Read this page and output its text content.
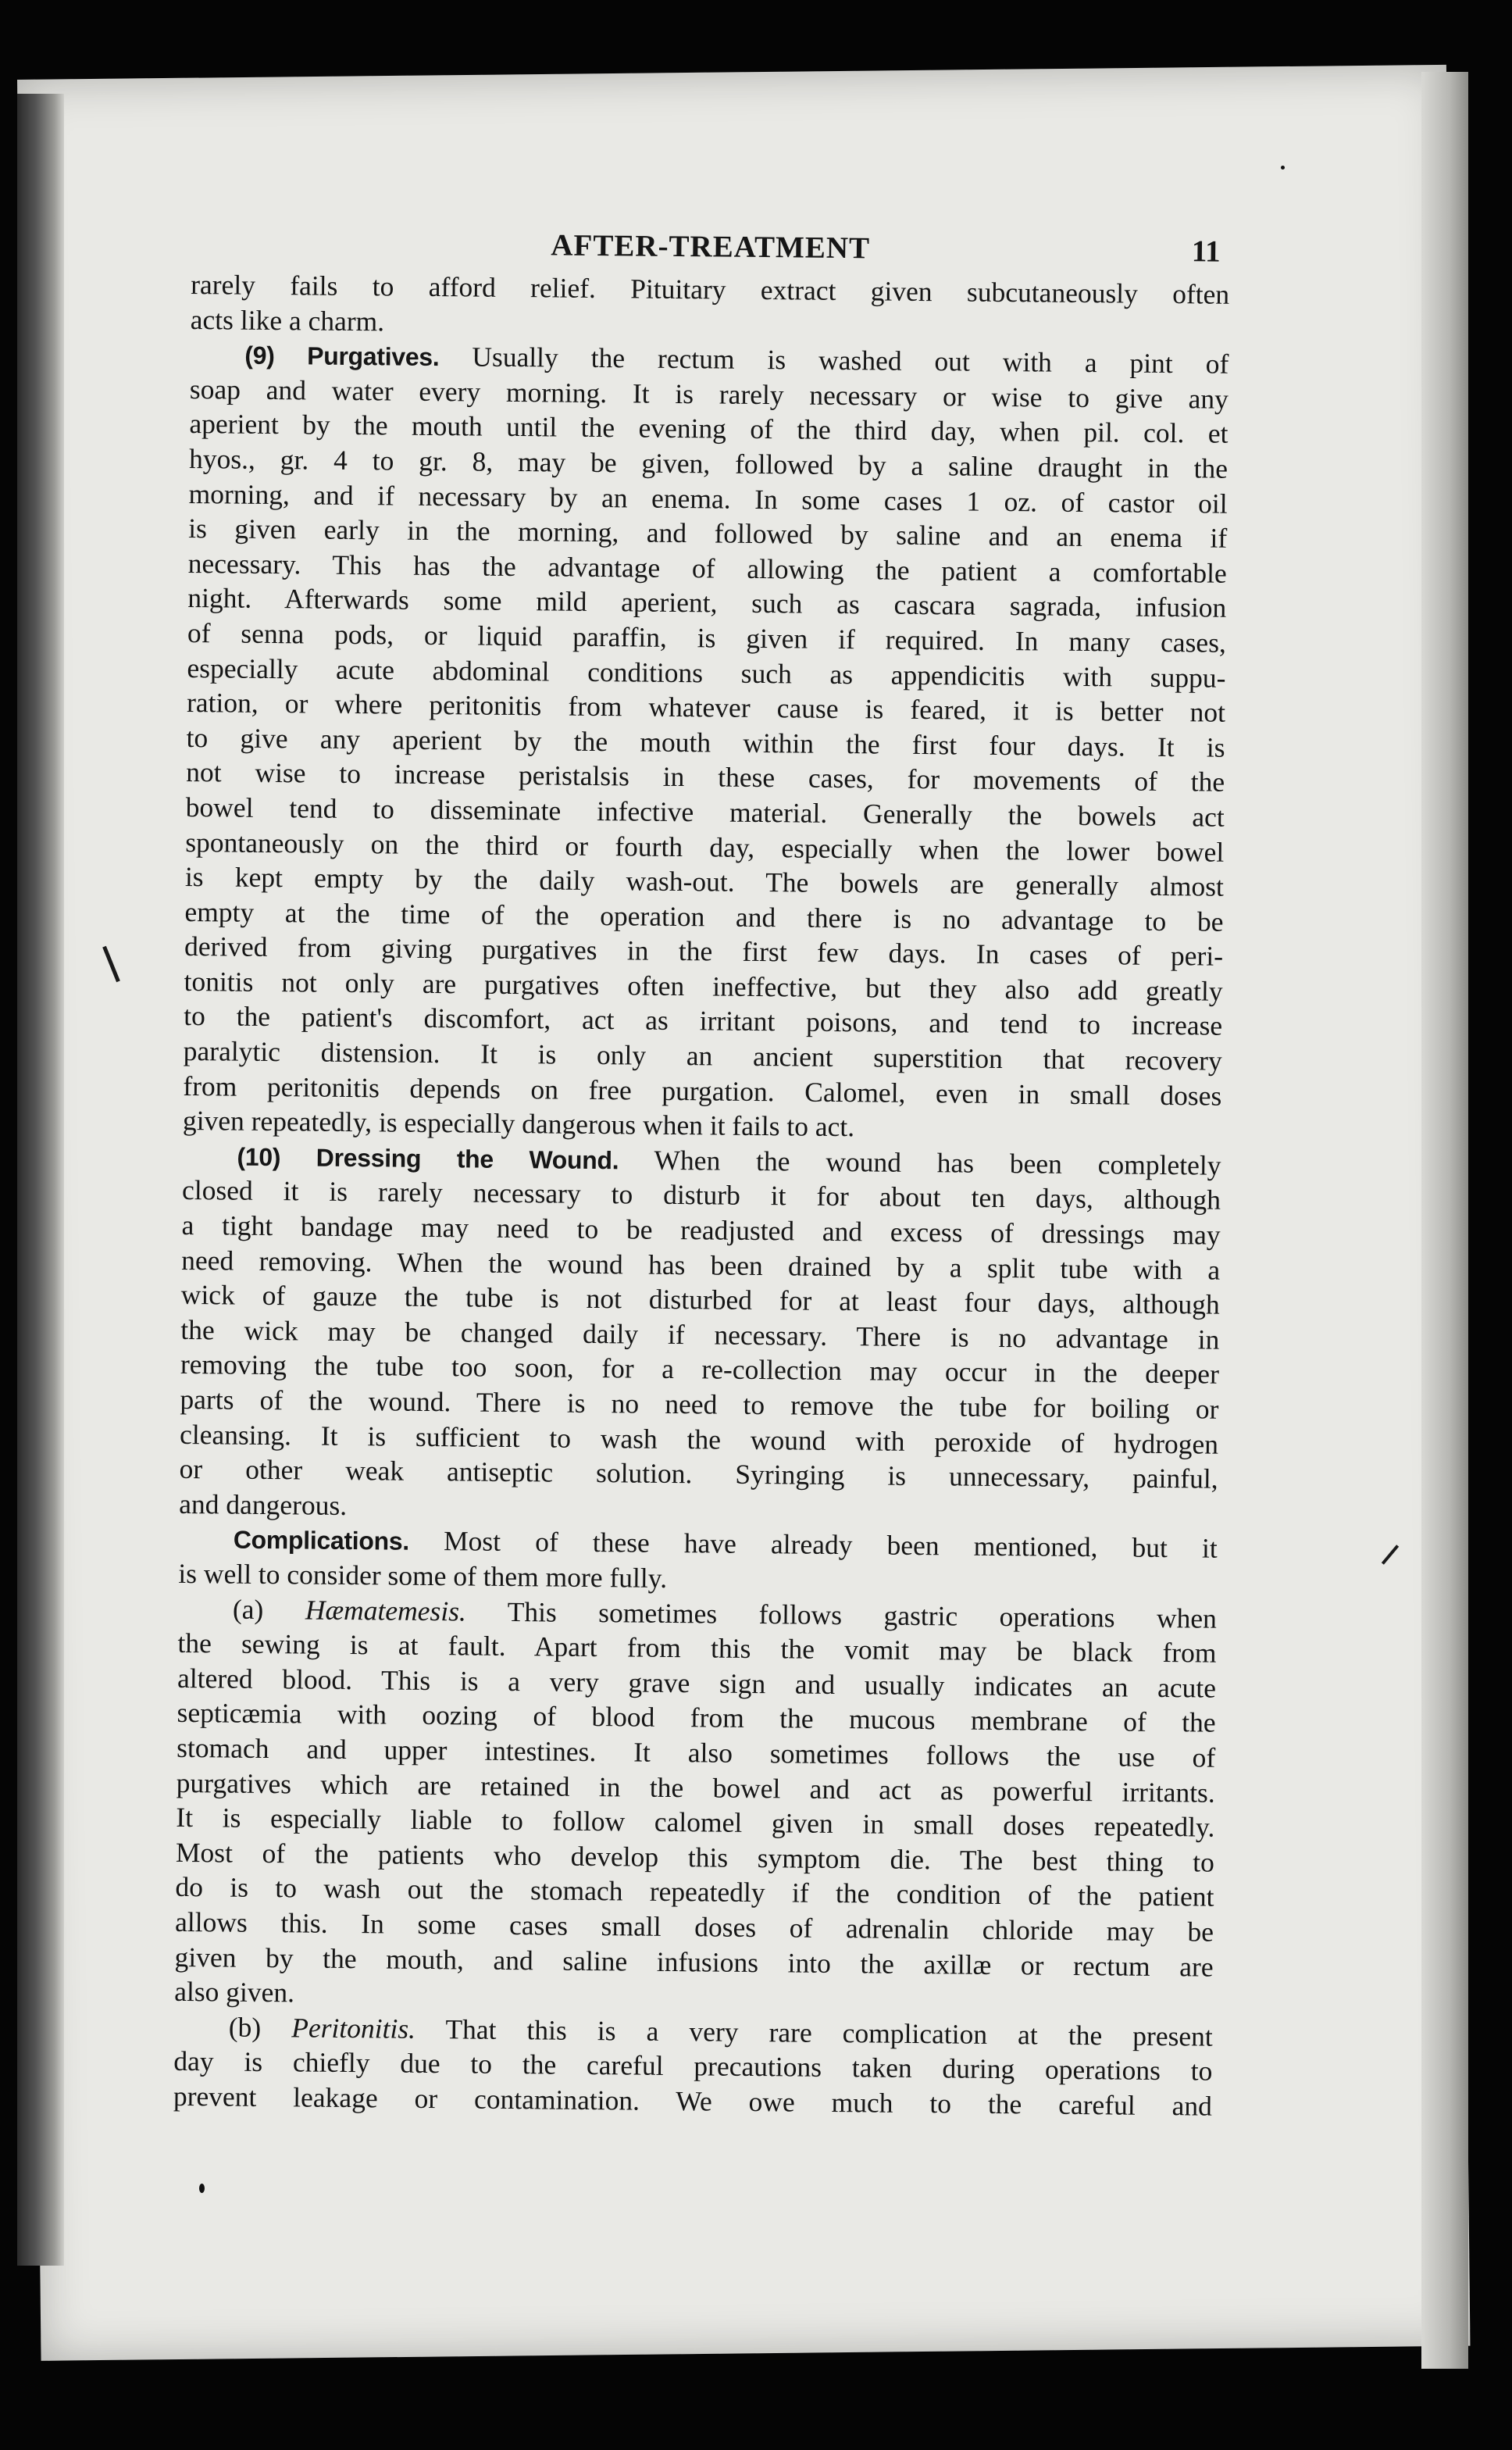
AFTER-TREATMENT	11
rarely fails to afford relief. Pituitary extract given subcutaneously often
acts like a charm.
(9) Purgatives. Usually the rectum is washed out with a pint of
soap and water every morning. It is rarely necessary or wise to give any
aperient by the mouth until the evening of the third day, when pil. col. et
hyos., gr. 4 to gr. 8, may be given, followed by a saline draught in the
morning, and if necessary by an enema. In some cases 1 oz. of castor oil
is given early in the morning, and followed by saline and an enema if
necessary. This has the advantage of allowing the patient a comfortable
night. Afterwards some mild aperient, such as cascara sagrada, infusion
of senna pods, or liquid paraffin, is given if required. In many cases,
especially acute abdominal conditions such as appendicitis with suppu-
ration, or where peritonitis from whatever cause is feared, it is better not
to give any aperient by the mouth within the first four days. It is
not wise to increase peristalsis in these cases, for movements of the
bowel tend to disseminate infective material. Generally the bowels act
spontaneously on the third or fourth day, especially when the lower bowel
is kept empty by the daily wash-out. The bowels are generally almost
empty at the time of the operation and there is no advantage to be
derived from giving purgatives in the first few days. In cases of peri-
tonitis not only are purgatives often ineffective, but they also add greatly
to the patient's discomfort, act as irritant poisons, and tend to increase
paralytic distension. It is only an ancient superstition that recovery
from peritonitis depends on free purgation. Calomel, even in small doses
given repeatedly, is especially dangerous when it fails to act.
(10) Dressing the Wound. When the wound has been completely
closed it is rarely necessary to disturb it for about ten days, although
a tight bandage may need to be readjusted and excess of dressings may
need removing. When the wound has been drained by a split tube with a
wick of gauze the tube is not disturbed for at least four days, although
the wick may be changed daily if necessary. There is no advantage in
removing the tube too soon, for a re-collection may occur in the deeper
parts of the wound. There is no need to remove the tube for boiling or
cleansing. It is sufficient to wash the wound with peroxide of hydrogen
or other weak antiseptic solution. Syringing is unnecessary, painful,
and dangerous.
Complications. Most of these have already been mentioned, but it
is well to consider some of them more fully.
(a) Hæmatemesis. This sometimes follows gastric operations when
the sewing is at fault. Apart from this the vomit may be black from
altered blood. This is a very grave sign and usually indicates an acute
septicæmia with oozing of blood from the mucous membrane of the
stomach and upper intestines. It also sometimes follows the use of
purgatives which are retained in the bowel and act as powerful irritants.
It is especially liable to follow calomel given in small doses repeatedly.
Most of the patients who develop this symptom die. The best thing to
do is to wash out the stomach repeatedly if the condition of the patient
allows this. In some cases small doses of adrenalin chloride may be
given by the mouth, and saline infusions into the axillæ or rectum are
also given.
(b) Peritonitis. That this is a very rare complication at the present
day is chiefly due to the careful precautions taken during operations to
prevent leakage or contamination. We owe much to the careful and
